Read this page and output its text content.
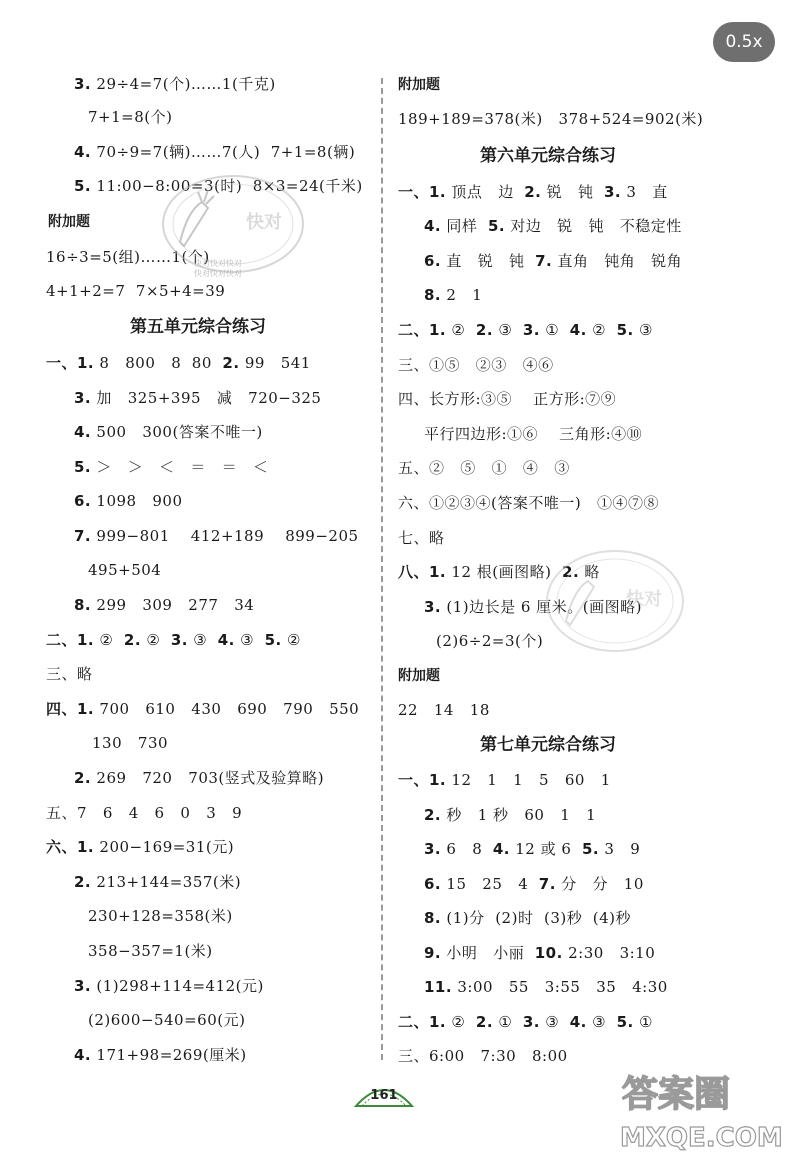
0.5x
3. 29÷4=7(个)……1(千克)
7+1=8(个)
4. 70÷9=7(辆)……7(人)  7+1=8(辆)
5. 11:00−8:00=3(时)  8×3=24(千米)
附加题
16÷3=5(组)……1(个)
4+1+2=7  7×5+4=39
第五单元综合练习
一、1. 8   800   8  80  2. 99   541
3. 加   325+395   减   720−325
4. 500   300(答案不唯一)
5. ＞   ＞   ＜   ＝   ＝   ＜
6. 1098   900
7. 999−801    412+189    899−205
495+504
8. 299   309   277   34
二、1. ②  2. ②  3. ③  4. ③  5. ②
三、略
四、1. 700   610   430   690   790   550
130   730
2. 269   720   703(竖式及验算略)
五、7   6   4   6   0   3   9
六、1. 200−169=31(元)
2. 213+144=357(米)
230+128=358(米)
358−357=1(米)
3. (1)298+114=412(元)
(2)600−540=60(元)
4. 171+98=269(厘米)
附加题
189+189=378(米)   378+524=902(米)
第六单元综合练习
一、1. 顶点   边  2. 锐   钝  3. 3   直
4. 同样  5. 对边   锐   钝   不稳定性
6. 直   锐   钝  7. 直角   钝角   锐角
8. 2   1
二、1. ②  2. ③  3. ①  4. ②  5. ③
三、①⑤   ②③   ④⑥
四、长方形:③⑤    正方形:⑦⑨
平行四边形:①⑥    三角形:④⑩
五、②   ⑤   ①   ④   ③
六、①②③④(答案不唯一)   ①④⑦⑧
七、略
八、1. 12 根(画图略)  2. 略
3. (1)边长是 6 厘米。(画图略)
(2)6÷2=3(个)
附加题
22   14   18
第七单元综合练习
一、1. 12   1   1   5   60   1
2. 秒   1 秒   60   1   1
3. 6   8  4. 12 或 6  5. 3   9
6. 15   25   4  7. 分   分   10
8. (1)分  (2)时  (3)秒  (4)秒
9. 小明   小丽  10. 2:30   3:10
11. 3:00   55   3:55   35   4:30
二、1. ②  2. ①  3. ③  4. ③  5. ①
三、6:00   7:30   8:00
快对
快对快对快对
快对快对快对
快对
161	答案圈
MXQE.COM
